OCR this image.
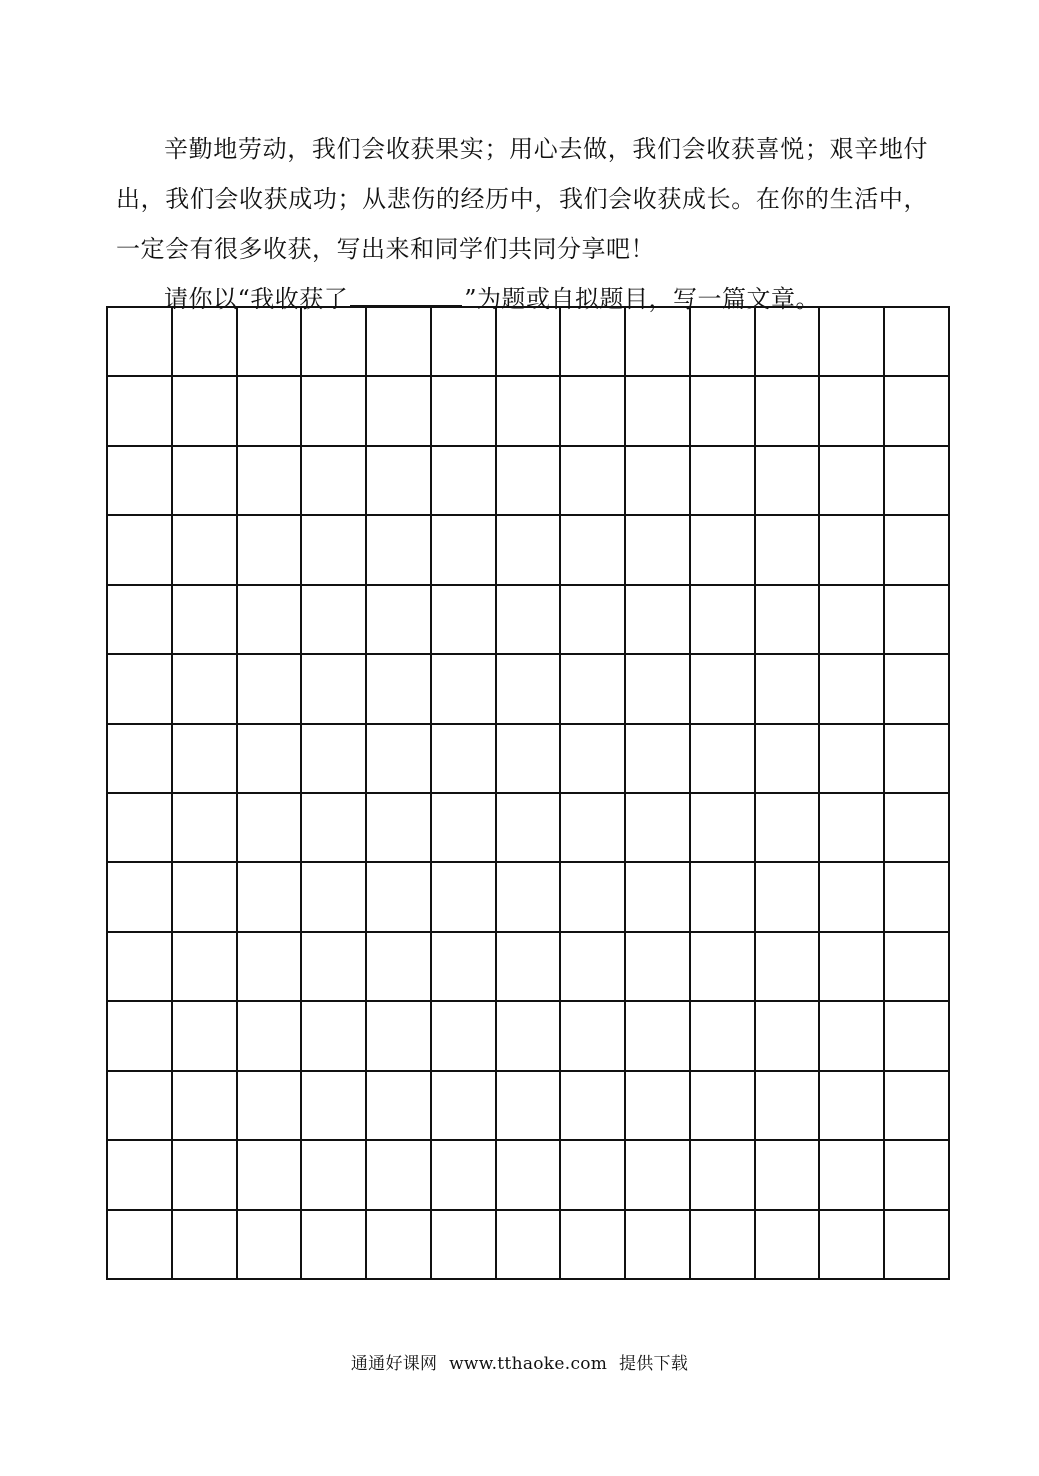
辛勤地劳动，我们会收获果实；用心去做，我们会收获喜悦；艰辛地付出，我们会收获成功；从悲伤的经历中，我们会收获成长。在你的生活中，一定会有很多收获，写出来和同学们共同分享吧！

请你以“我收获了	”为题或自拟题目，写一篇文章。

通通好课网 www.tthaoke.com 提供下载
